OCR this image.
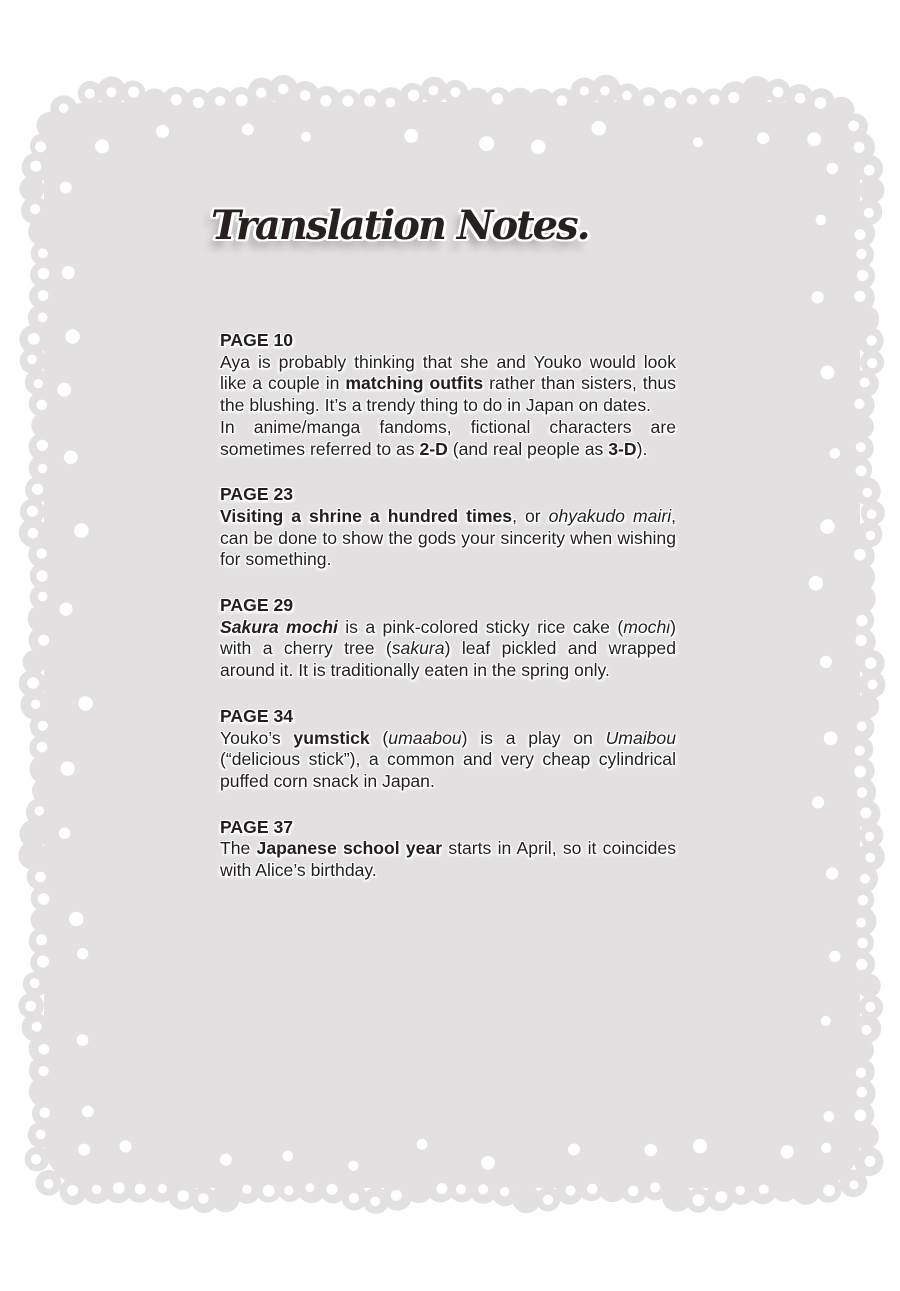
Translation Notes.
PAGE 10

Aya is probably thinking that she and Youko would look like a couple in matching outfits rather than sisters, thus the blushing. It’s a trendy thing to do in Japan on dates.

In anime/manga fandoms, fictional characters are sometimes referred to as 2-D (and real people as 3-D).

PAGE 23

Visiting a shrine a hundred times, or ohyakudo mairi, can be done to show the gods your sincerity when wishing for something.

PAGE 29

Sakura mochi is a pink-colored sticky rice cake (mochi) with a cherry tree (sakura) leaf pickled and wrapped around it. It is traditionally eaten in the spring only.

PAGE 34

Youko’s yumstick (umaabou) is a play on Umaibou (“delicious stick”), a common and very cheap cylindrical puffed corn snack in Japan.

PAGE 37

The Japanese school year starts in April, so it coincides with Alice’s birthday.
